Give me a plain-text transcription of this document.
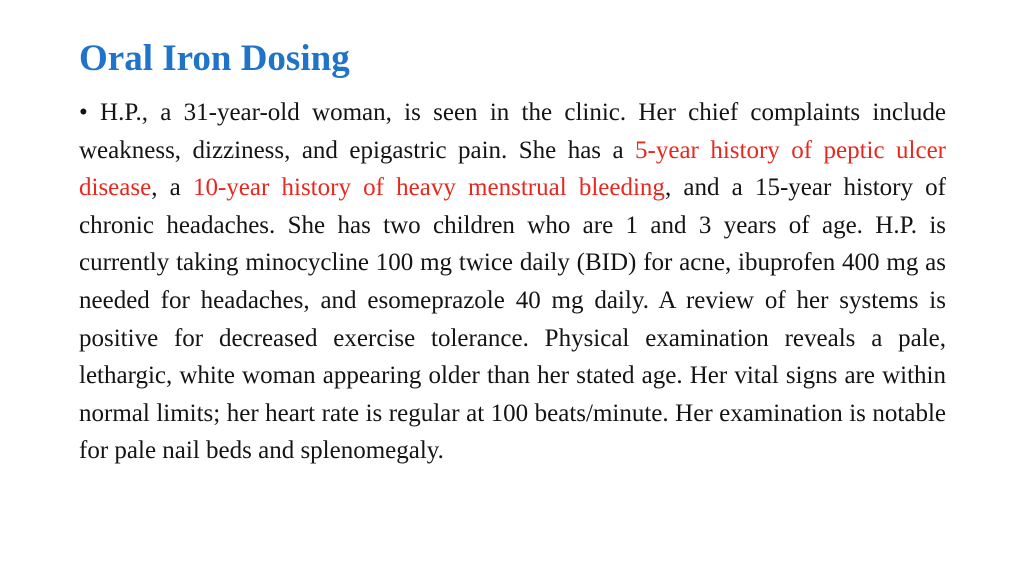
Oral Iron Dosing

• H.P., a 31-year-old woman, is seen in the clinic. Her chief complaints include weakness, dizziness, and epigastric pain. She has a 5-year history of peptic ulcer disease, a 10-year history of heavy menstrual bleeding, and a 15-year history of chronic headaches. She has two children who are 1 and 3 years of age. H.P. is currently taking minocycline 100 mg twice daily (BID) for acne, ibuprofen 400 mg as needed for headaches, and esomeprazole 40 mg daily. A review of her systems is positive for decreased exercise tolerance. Physical examination reveals a pale, lethargic, white woman appearing older than her stated age. Her vital signs are within normal limits; her heart rate is regular at 100 beats/minute. Her examination is notable for pale nail beds and splenomegaly.
